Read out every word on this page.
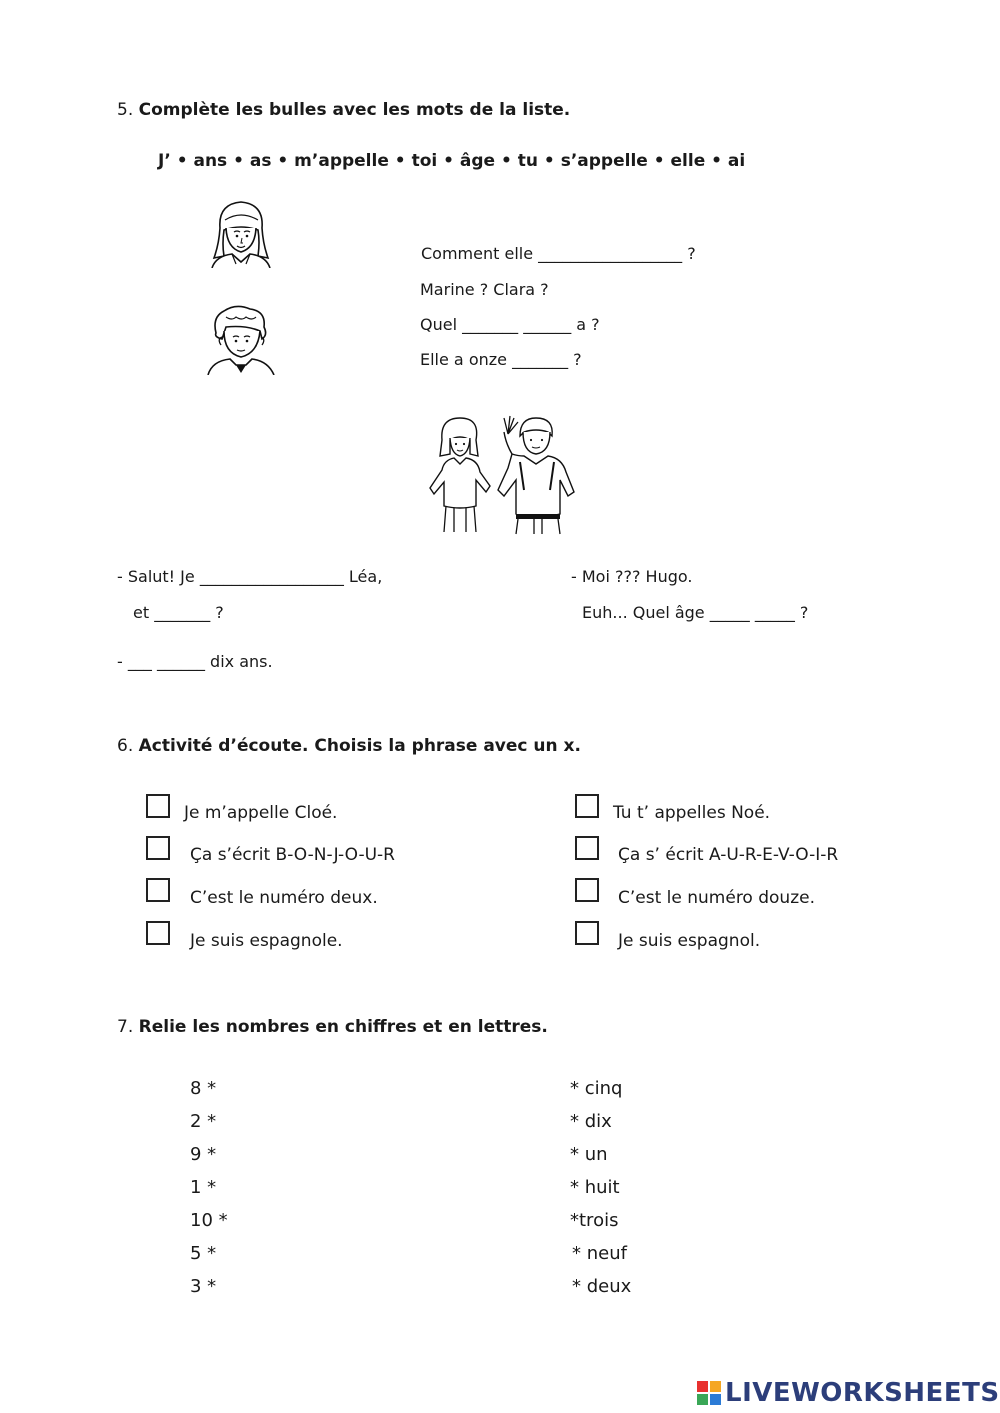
5. Complète les bulles avec les mots de la liste.
J’ • ans • as • m’appelle • toi • âge • tu • s’appelle • elle • ai
Comment elle __________________ ?
Marine ? Clara ?
Quel _______ ______ a ?
Elle a onze _______ ?
- Salut! Je __________________ Léa,
et _______ ?
- ___ ______ dix ans.
- Moi ??? Hugo.
Euh... Quel âge _____ _____ ?
6. Activité d’écoute. Choisis la phrase avec un x.
Je m’appelle Cloé.
Ça s’écrit B-O-N-J-O-U-R
C’est le numéro deux.
Je suis espagnole.
Tu t’ appelles Noé.
Ça s’ écrit A-U-R-E-V-O-I-R
C’est le numéro douze.
Je suis espagnol.
7. Relie les nombres en chiffres et en lettres.
8 *
2 *
9 *
1 *
10 *
5 *
3 *
* cinq
* dix
* un
* huit
*trois
* neuf
* deux
LIVEWORKSHEETS
